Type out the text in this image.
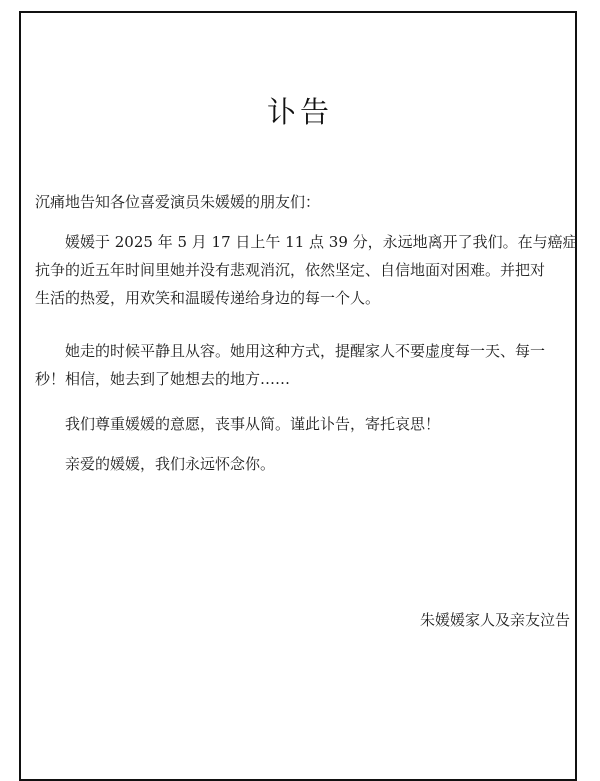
讣告
沉痛地告知各位喜爱演员朱媛媛的朋友们：

媛媛于 2025 年 5 月 17 日上午 11 点 39 分，永远地离开了我们。在与癌症
抗争的近五年时间里她并没有悲观消沉，依然坚定、自信地面对困难。并把对
生活的热爱，用欢笑和温暖传递给身边的每一个人。

她走的时候平静且从容。她用这种方式，提醒家人不要虚度每一天、每一
秒！相信，她去到了她想去的地方……

我们尊重媛媛的意愿，丧事从简。谨此讣告，寄托哀思！

亲爱的媛媛，我们永远怀念你。

朱媛媛家人及亲友泣告
